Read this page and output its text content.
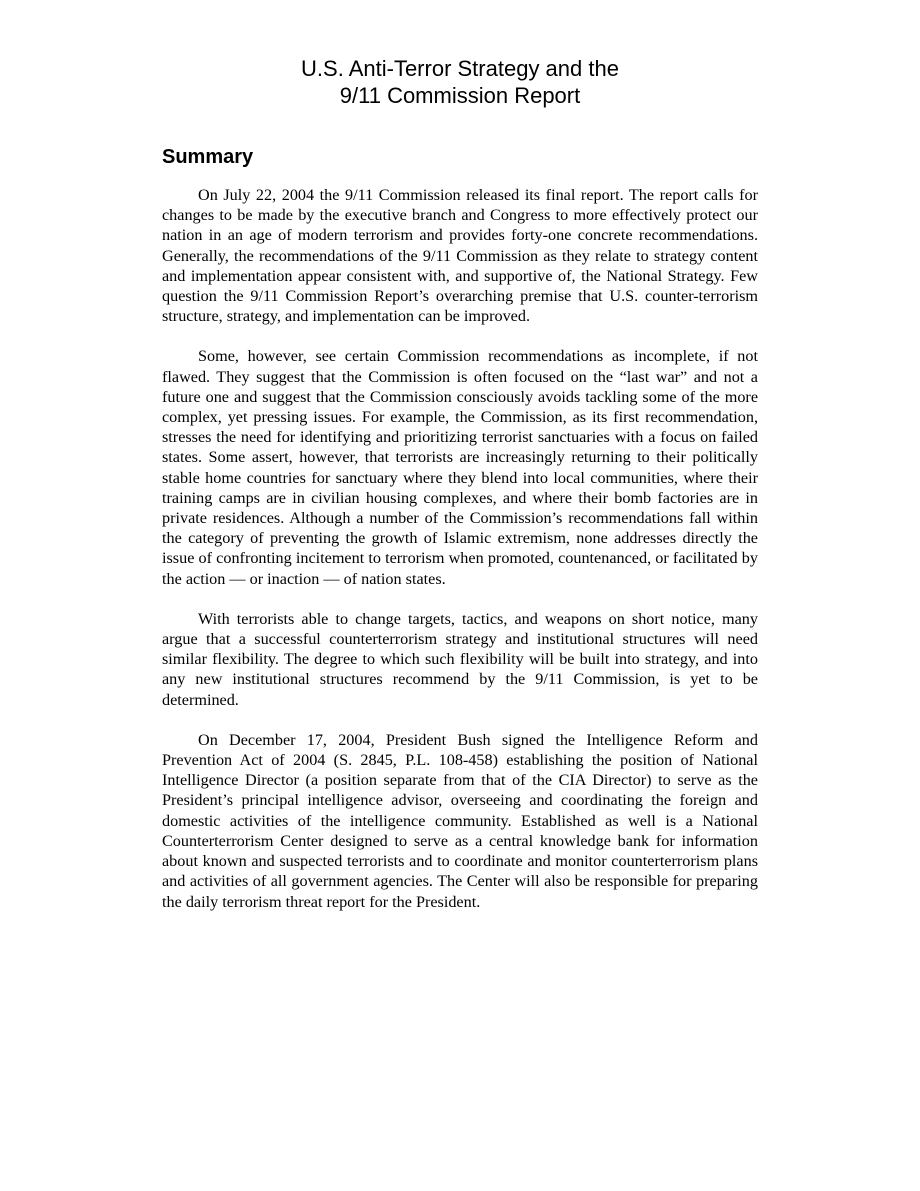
U.S. Anti-Terror Strategy and the
9/11 Commission Report
Summary

On July 22, 2004 the 9/11 Commission released its final report. The report calls for changes to be made by the executive branch and Congress to more effectively protect our nation in an age of modern terrorism and provides forty-one concrete recommendations. Generally, the recommendations of the 9/11 Commission as they relate to strategy content and implementation appear consistent with, and supportive of, the National Strategy. Few question the 9/11 Commission Report’s overarching premise that U.S. counter-terrorism structure, strategy, and implementation can be improved.

Some, however, see certain Commission recommendations as incomplete, if not flawed. They suggest that the Commission is often focused on the “last war” and not a future one and suggest that the Commission consciously avoids tackling some of the more complex, yet pressing issues. For example, the Commission, as its first recommendation, stresses the need for identifying and prioritizing terrorist sanctuaries with a focus on failed states. Some assert, however, that terrorists are increasingly returning to their politically stable home countries for sanctuary where they blend into local communities, where their training camps are in civilian housing complexes, and where their bomb factories are in private residences. Although a number of the Commission’s recommendations fall within the category of preventing the growth of Islamic extremism, none addresses directly the issue of confronting incitement to terrorism when promoted, countenanced, or facilitated by the action — or inaction — of nation states.

With terrorists able to change targets, tactics, and weapons on short notice, many argue that a successful counterterrorism strategy and institutional structures will need similar flexibility. The degree to which such flexibility will be built into strategy, and into any new institutional structures recommend by the 9/11 Commission, is yet to be determined.

On December 17, 2004, President Bush signed the Intelligence Reform and Prevention Act of 2004 (S. 2845, P.L. 108-458) establishing the position of National Intelligence Director (a position separate from that of the CIA Director) to serve as the President’s principal intelligence advisor, overseeing and coordinating the foreign and domestic activities of the intelligence community. Established as well is a National Counterterrorism Center designed to serve as a central knowledge bank for information about known and suspected terrorists and to coordinate and monitor counterterrorism plans and activities of all government agencies. The Center will also be responsible for preparing the daily terrorism threat report for the President.
